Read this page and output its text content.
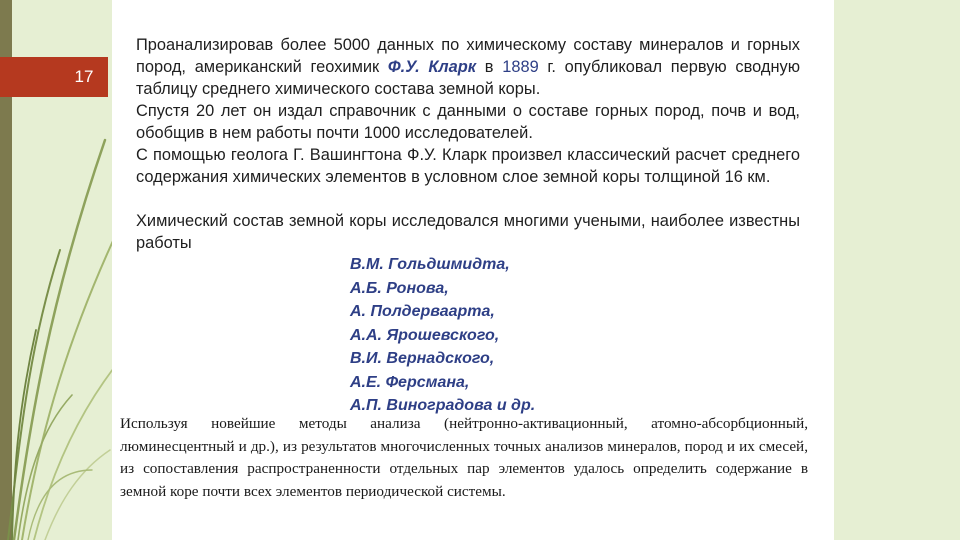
17

Проанализировав более 5000 данных по химическому составу минералов и горных пород, американский геохимик Ф.У. Кларк в 1889 г. опубликовал первую сводную таблицу среднего химического состава земной коры.

Спустя 20 лет он издал справочник с данными о составе горных пород, почв и вод, обобщив в нем работы почти 1000 исследователей.

С помощью геолога Г. Вашингтона Ф.У. Кларк произвел классический расчет среднего содержания химических элементов в условном слое земной коры толщиной 16 км.

Химический состав земной коры исследовался многими учеными, наиболее известны работы

В.М. Гольдшмидта,
А.Б. Ронова,
А. Полдерваарта,
А.А. Ярошевского,
В.И. Вернадского,
А.Е. Ферсмана,
А.П. Виноградова и др.

Используя новейшие методы анализа (нейтронно-активационный, атомно-абсорбционный, люминесцентный и др.), из результатов многочисленных точных анализов минералов, пород и их смесей, из сопоставления распространенности отдельных пар элементов удалось определить содержание в земной коре почти всех элементов периодической системы.
